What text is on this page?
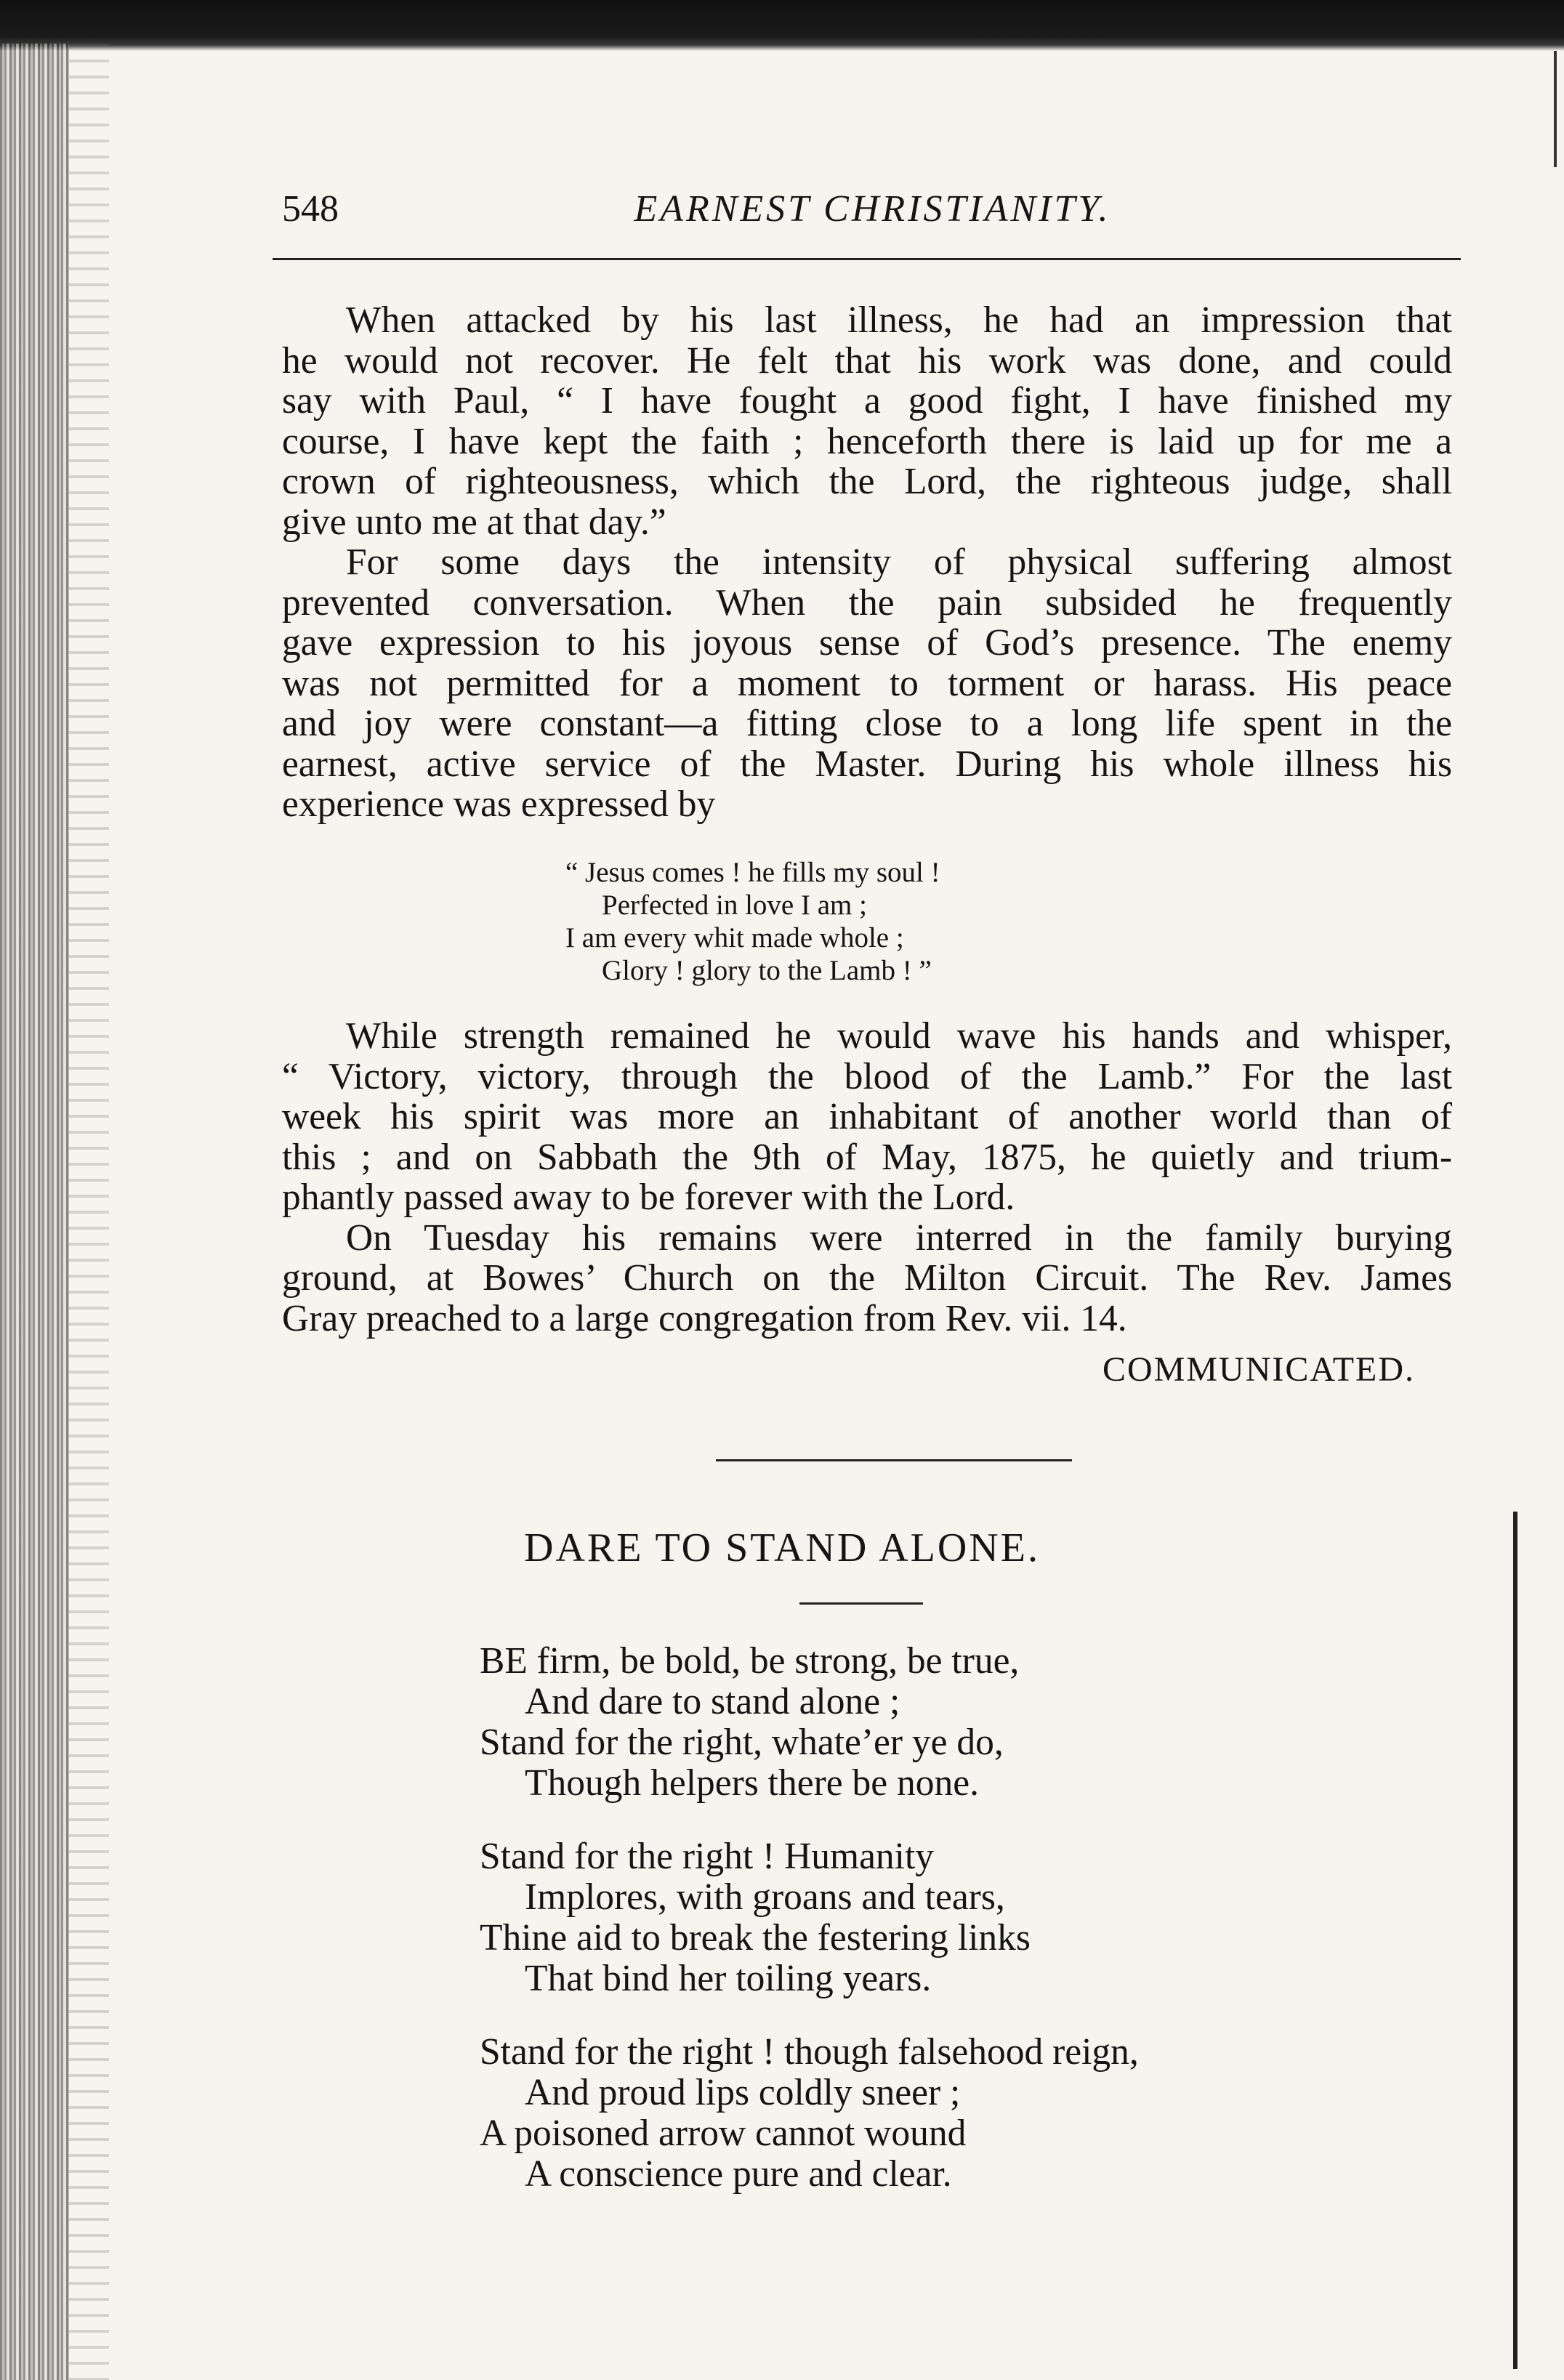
EARNEST CHRISTIANITY.
548

When attacked by his last illness, he had an impression that

he would not recover. He felt that his work was done, and could

say with Paul, “ I have fought a good fight, I have finished my

course, I have kept the faith ; henceforth there is laid up for me a

crown of righteousness, which the Lord, the righteous judge, shall

give unto me at that day.”

For some days the intensity of physical suffering almost

prevented conversation. When the pain subsided he frequently

gave expression to his joyous sense of God’s presence. The enemy

was not permitted for a moment to torment or harass. His peace

and joy were constant—a fitting close to a long life spent in the

earnest, active service of the Master. During his whole illness his

experience was expressed by

“ Jesus comes ! he fills my soul !
Perfected in love I am ;
I am every whit made whole ;
Glory ! glory to the Lamb ! ”

While strength remained he would wave his hands and whisper,

“ Victory, victory, through the blood of the Lamb.” For the last

week his spirit was more an inhabitant of another world than of

this ; and on Sabbath the 9th of May, 1875, he quietly and trium-

phantly passed away to be forever with the Lord.

On Tuesday his remains were interred in the family burying

ground, at Bowes’ Church on the Milton Circuit. The Rev. James

Gray preached to a large congregation from Rev. vii. 14.

COMMUNICATED.
DARE TO STAND ALONE.
BE firm, be bold, be strong, be true,
And dare to stand alone ;
Stand for the right, whate’er ye do,
Though helpers there be none.
Stand for the right ! Humanity
Implores, with groans and tears,
Thine aid to break the festering links
That bind her toiling years.
Stand for the right ! though falsehood reign,
And proud lips coldly sneer ;
A poisoned arrow cannot wound
A conscience pure and clear.
